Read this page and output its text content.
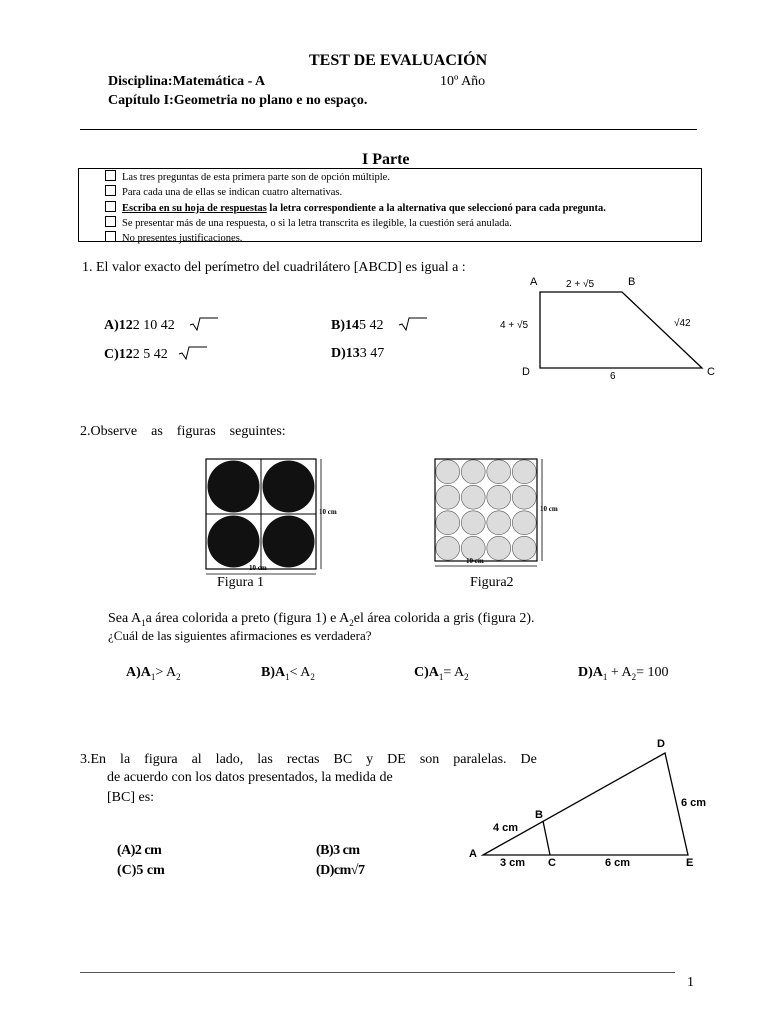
TEST DE EVALUACIÓN
Disciplina:Matemática - A	10º Año
Capítulo I:Geometria no plano e no espaço.
I Parte
Las tres preguntas de esta primera parte son de opción múltiple.
Para cada una de ellas se indican cuatro alternativas.
Escriba en su hoja de respuestas la letra correspondiente a la alternativa que seleccionó para cada pregunta.
Se presentar más de una respuesta, o si la letra transcrita es ilegible, la cuestión será anulada.
No presentes justificaciones.
1. El valor exacto del perímetro del cuadrilátero [ABCD] es igual a :
A)122 10 42	B)145 42
C)122 5 42	D)133 47
A	B
C
D
2 + √5
4 + √5	√42
6
2.Observe    as    figuras    seguintes:
10 cm
10 cm
Figura 1
10 cm
10 cm
Figura2
Sea $A_1a$ área colorida a preto (figura 1) e $A_2el$ área colorida a gris (figura 2).
¿Cuál de las siguientes afirmaciones es verdadera?
$A)A_1> A_2$	$B)A_1< A_2$	$C)A_1= A_2$	$D)A_1 + A_2= 100$
3.En    la    figura    al    lado,    las    rectas    BC    y    DE    son    paralelas.    De
de acuerdo con los datos presentados, la medida de
[BC] es:
(A)2 cm	(B)3 cm
(C)5 cm	(D)cm√7
D
B
A
C	E
4 cm
3 cm	6 cm
6 cm
1
